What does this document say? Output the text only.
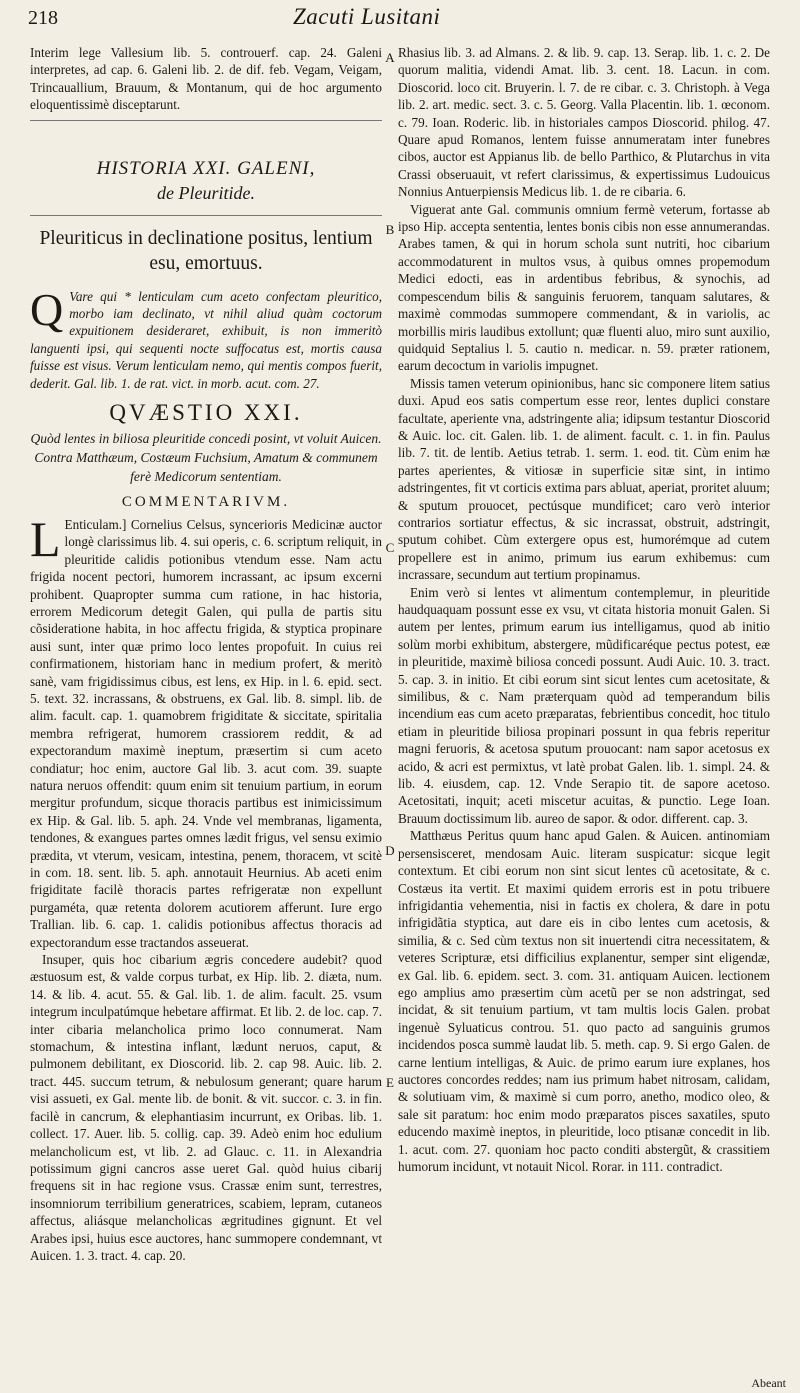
218	Zacuti Lusitani

Interim lege Vallesium lib. 5. controuerf. cap. 24. Galeni interpretes, ad cap. 6. Galeni lib. 2. de dif. feb. Vegam, Veigam, Trincauallium, Brauum, & Montanum, qui de hoc argumento eloquentissimè disceptarunt.

HISTORIA XXI. GALENI,
de Pleuritide.
Pleuriticus in declinatione positus, lentium esu, emortuus.

Q Vare qui * lenticulam cum aceto confectam pleuritico, morbo iam declinato, vt nihil aliud quàm coctorum expuitionem desideraret, exhibuit, is non immeritò languenti ipsi, qui sequenti nocte suffocatus est, mortis causa fuisse est visus. Verum lenticulam nemo, qui mentis compos fuerit, dederit. Gal. lib. 1. de rat. vict. in morb. acut. com. 27.

QVÆSTIO XXI.
Quòd lentes in biliosa pleuritide concedi posint, vt voluit Auicen. Contra Matthæum, Costæum Fuchsium, Amatum & communem ferè Medicorum sententiam.
COMMENTARIVM.

L Enticulam.] Cornelius Celsus, syncerioris Medicinæ auctor longè clarissimus lib. 4. sui operis, c. 6. scriptum reliquit, in pleuritide calidis potionibus vtendum esse. Nam actu frigida nocent pectori, humorem incrassant, ac ipsum excerni prohibent. Quapropter summa cum ratione, in hac historia, errorem Medicorum detegit Galen, qui pulla de partis situ cõsideratione habita, in hoc affectu frigida, & styptica propinare ausi sunt, inter quæ primo loco lentes propofuit. In cuius rei confirmationem, historiam hanc in medium profert, & meritò sanè, vam frigidissimus cibus, est lens, ex Hip. in l. 6. epid. sect. 5. text. 32. incrassans, & obstruens, ex Gal. lib. 8. simpl. lib. de alim. facult. cap. 1. quamobrem frigiditate & siccitate, spiritalia membra refrigerat, humorem crassiorem reddit, & ad expectorandum maximè ineptum, præsertim si cum aceto condiatur; hoc enim, auctore Gal lib. 3. acut com. 39. suapte natura neruos offendit: quum enim sit tenuium partium, in eorum mergitur profundum, sicque thoracis partibus est inimicissimum ex Hip. & Gal. lib. 5. aph. 24. Vnde vel membranas, ligamenta, tendones, & exangues partes omnes lædit frigus, vel sensu eximio prædita, vt vterum, vesicam, intestina, penem, thoracem, vt scitè in com. 18. sent. lib. 5. aph. annotauit Heurnius. Ab aceti enim frigiditate facilè thoracis partes refrigeratæ non expellunt purgaméta, quæ retenta dolorem acutiorem afferunt. Iure ergo Trallian. lib. 6. cap. 1. calidis potionibus affectus thoracis ad expectorandum esse tractandos asseuerat.

Insuper, quis hoc cibarium ægris concedere audebit? quod æstuosum est, & valde corpus turbat, ex Hip. lib. 2. diæta, num. 14. & lib. 4. acut. 55. & Gal. lib. 1. de alim. facult. 25. vsum integrum inculpatúmque hebetare affirmat. Et lib. 2. de loc. cap. 7. inter cibaria melancholica primo loco connumerat. Nam stomachum, & intestina inflant, lædunt neruos, caput, & pulmonem debilitant, ex Dioscorid. lib. 2. cap 98. Auic. lib. 2. tract. 445. succum tetrum, & nebulosum generant; quare harum visi assueti, ex Gal. mente lib. de bonit. & vit. succor. c. 3. in fin. facilè in cancrum, & elephantiasim incurrunt, ex Oribas. lib. 1. collect. 17. Auer. lib. 5. collig. cap. 39. Adeò enim hoc edulium melancholicum est, vt lib. 2. ad Glauc. c. 11. in Alexandria potissimum gigni cancros asse ueret Gal. quòd huius cibarij frequens sit in hac regione vsus. Crassæ enim sunt, terrestres, insomniorum terribilium generatrices, scabiem, lepram, cutaneos affectus, aliásque melancholicas ægritudines gignunt. Et vel Arabes ipsi, huius esce auctores, hanc summopere condemnant, vt Auicen. 1. 3. tract. 4. cap. 20.

A
B
C
D
E

Rhasius lib. 3. ad Almans. 2. & lib. 9. cap. 13. Serap. lib. 1. c. 2. De quorum malitia, videndi Amat. lib. 3. cent. 18. Lacun. in com. Dioscorid. loco cit. Bruyerin. l. 7. de re cibar. c. 3. Christoph. à Vega lib. 2. art. medic. sect. 3. c. 5. Georg. Valla Placentin. lib. 1. œconom. c. 79. Ioan. Roderic. lib. in historiales campos Dioscorid. philog. 47. Quare apud Romanos, lentem fuisse annumeratam inter funebres cibos, auctor est Appianus lib. de bello Parthico, & Plutarchus in vita Crassi obseruauit, vt refert clarissimus, & expertissimus Ludouicus Nonnius Antuerpiensis Medicus lib. 1. de re cibaria. 6.

Viguerat ante Gal. communis omnium fermè veterum, fortasse ab ipso Hip. accepta sententia, lentes bonis cibis non esse annumerandas. Arabes tamen, & qui in horum schola sunt nutriti, hoc cibarium accommodaturent in multos vsus, à quibus omnes propemodum Medici edocti, eas in ardentibus febribus, & synochis, ad compescendum bilis & sanguinis feruorem, tanquam salutares, & maximè commodas summopere commendant, & in variolis, ac morbillis miris laudibus extollunt; quæ fluenti aluo, miro sunt auxilio, quidquid Septalius l. 5. cautio n. medicar. n. 59. præter rationem, earum decoctum in variolis impugnet.

Missis tamen veterum opinionibus, hanc sic componere litem satius duxi. Apud eos satis compertum esse reor, lentes duplici constare facultate, aperiente vna, adstringente alia; idipsum testantur Dioscorid & Auic. loc. cit. Galen. lib. 1. de aliment. facult. c. 1. in fin. Paulus lib. 7. tit. de lentib. Aetius tetrab. 1. serm. 1. eod. tit. Cùm enim hæ partes aperientes, & vitiosæ in superficie sitæ sint, in intimo adstringentes, fit vt corticis extima pars abluat, aperiat, proritet aluum; & sputum prouocet, pectúsque mundificet; caro verò interior contrarios sortiatur effectus, & sic incrassat, obstruit, adstringit, sputum cohibet. Cùm extergere opus est, humorémque ad cutem propellere est in animo, primum ius earum exhibemus: cum incrassare, secundum aut tertium propinamus.

Enim verò si lentes vt alimentum contemplemur, in pleuritide haudquaquam possunt esse ex vsu, vt citata historia monuit Galen. Si autem per lentes, primum earum ius intelligamus, quod ab initio solùm morbi exhibitum, abstergere, mũdificaréque pectus potest, eæ in pleuritide, maximè biliosa concedi possunt. Audi Auic. 10. 3. tract. 5. cap. 3. in initio. Et cibi eorum sint sicut lentes cum acetositate, & similibus, & c. Nam præterquam quòd ad temperandum bilis incendium eas cum aceto præparatas, febrientibus concedit, hoc titulo etiam in pleuritide biliosa propinari possunt in qua febris reperitur magni feruoris, & acetosa sputum prouocant: nam sapor acetosus ex acido, & acri est permixtus, vt latè probat Galen. lib. 1. simpl. 24. & lib. 4. eiusdem, cap. 12. Vnde Serapio tit. de sapore acetoso. Acetositati, inquit; aceti miscetur acuitas, & punctio. Lege Ioan. Brauum doctissimum lib. aureo de sapor. & odor. different. cap. 3.

Matthæus Peritus quum hanc apud Galen. & Auicen. antinomiam persensisceret, mendosam Auic. literam suspicatur: sicque legit contextum. Et cibi eorum non sint sicut lentes cũ acetositate, & c. Costæus ita vertit. Et maximi quidem erroris est in potu tribuere infrigidantia vehementia, nisi in factis ex cholera, & dare in potu infrigidãtia styptica, aut dare eis in cibo lentes cum acetosis, & similia, & c. Sed cùm textus non sit inuertendi citra necessitatem, & veteres Scripturæ, etsi difficilius explanentur, semper sint eligendæ, ex Gal. lib. 6. epidem. sect. 3. com. 31. antiquam Auicen. lectionem ego amplius amo præsertim cùm acetũ per se non adstringat, sed incidat, & sit tenuium partium, vt tam multis locis Galen. probat ingenuè Syluaticus controu. 51. quo pacto ad sanguinis grumos incidendos posca summè laudat lib. 5. meth. cap. 9. Si ergo Galen. de carne lentium intelligas, & Auic. de primo earum iure explanes, hos auctores concordes reddes; nam ius primum habet nitrosam, calidam, & solutiuam vim, & maximè si cum porro, anetho, modico oleo, & sale sit paratum: hoc enim modo præparatos pisces saxatiles, sputo educendo maximè ineptos, in pleuritide, loco ptisanæ concedit in lib. 1. acut. com. 27. quoniam hoc pacto conditi abstergũt, & crassitiem humorum incidunt, vt notauit Nicol. Rorar. in 111. contradict.

Abeant
